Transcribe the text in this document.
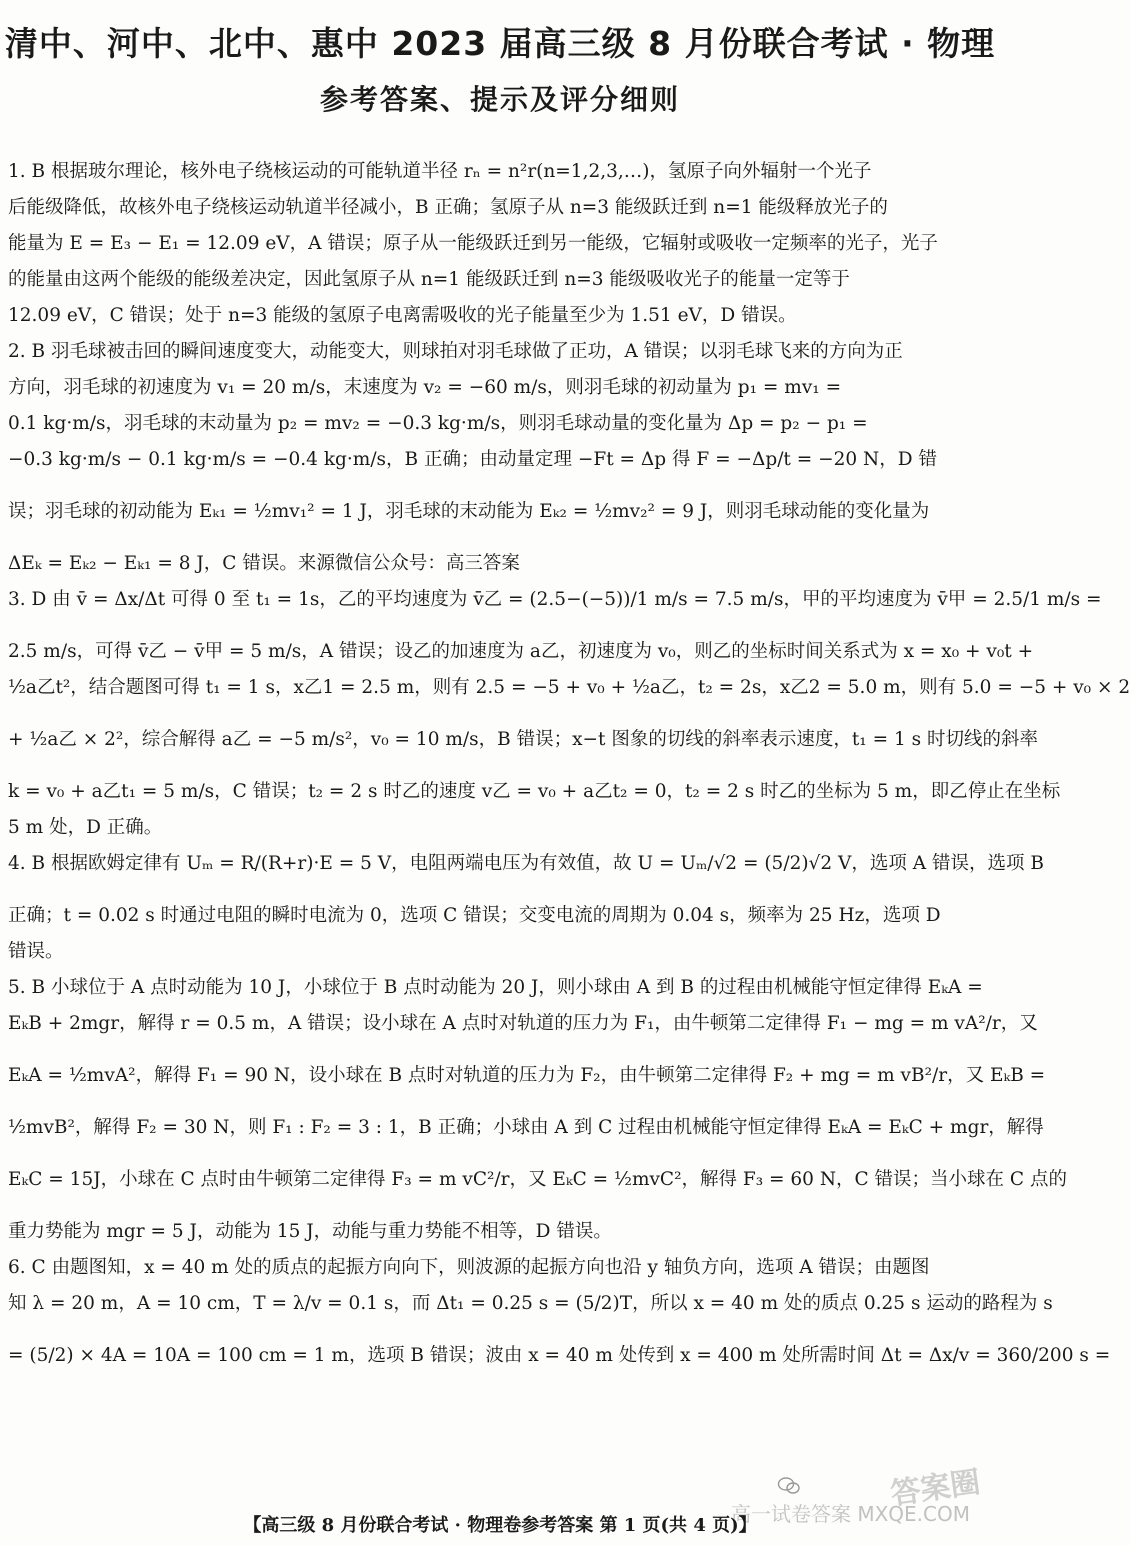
清中、河中、北中、惠中 2023 届高三级 8 月份联合考试 · 物理
参考答案、提示及评分细则
1. B 根据玻尔理论，核外电子绕核运动的可能轨道半径 rₙ = n²r(n=1,2,3,…)，氢原子向外辐射一个光子
后能级降低，故核外电子绕核运动轨道半径减小，B 正确；氢原子从 n=3 能级跃迁到 n=1 能级释放光子的
能量为 E = E₃ − E₁ = 12.09 eV，A 错误；原子从一能级跃迁到另一能级，它辐射或吸收一定频率的光子，光子
的能量由这两个能级的能级差决定，因此氢原子从 n=1 能级跃迁到 n=3 能级吸收光子的能量一定等于
12.09 eV，C 错误；处于 n=3 能级的氢原子电离需吸收的光子能量至少为 1.51 eV，D 错误。
2. B 羽毛球被击回的瞬间速度变大，动能变大，则球拍对羽毛球做了正功，A 错误；以羽毛球飞来的方向为正
方向，羽毛球的初速度为 v₁ = 20 m/s，末速度为 v₂ = −60 m/s，则羽毛球的初动量为 p₁ = mv₁ =
0.1 kg·m/s，羽毛球的末动量为 p₂ = mv₂ = −0.3 kg·m/s，则羽毛球动量的变化量为 Δp = p₂ − p₁ =
−0.3 kg·m/s − 0.1 kg·m/s = −0.4 kg·m/s，B 正确；由动量定理 −Ft = Δp 得 F = −Δp/t = −20 N，D 错
误；羽毛球的初动能为 Eₖ₁ = ½mv₁² = 1 J，羽毛球的末动能为 Eₖ₂ = ½mv₂² = 9 J，则羽毛球动能的变化量为
ΔEₖ = Eₖ₂ − Eₖ₁ = 8 J，C 错误。来源微信公众号：高三答案
3. D 由 v̄ = Δx/Δt 可得 0 至 t₁ = 1s，乙的平均速度为 v̄乙 = (2.5−(−5))/1 m/s = 7.5 m/s，甲的平均速度为 v̄甲 = 2.5/1 m/s =
2.5 m/s，可得 v̄乙 − v̄甲 = 5 m/s，A 错误；设乙的加速度为 a乙，初速度为 v₀，则乙的坐标时间关系式为 x = x₀ + v₀t +
½a乙t²，结合题图可得 t₁ = 1 s，x乙1 = 2.5 m，则有 2.5 = −5 + v₀ + ½a乙，t₂ = 2s，x乙2 = 5.0 m，则有 5.0 = −5 + v₀ × 2
+ ½a乙 × 2²，综合解得 a乙 = −5 m/s²，v₀ = 10 m/s，B 错误；x−t 图象的切线的斜率表示速度，t₁ = 1 s 时切线的斜率
k = v₀ + a乙t₁ = 5 m/s，C 错误；t₂ = 2 s 时乙的速度 v乙 = v₀ + a乙t₂ = 0，t₂ = 2 s 时乙的坐标为 5 m，即乙停止在坐标
5 m 处，D 正确。
4. B 根据欧姆定律有 Uₘ = R/(R+r)·E = 5 V，电阻两端电压为有效值，故 U = Uₘ/√2 = (5/2)√2 V，选项 A 错误，选项 B
正确；t = 0.02 s 时通过电阻的瞬时电流为 0，选项 C 错误；交变电流的周期为 0.04 s，频率为 25 Hz，选项 D
错误。
5. B 小球位于 A 点时动能为 10 J，小球位于 B 点时动能为 20 J，则小球由 A 到 B 的过程由机械能守恒定律得 EₖA =
EₖB + 2mgr，解得 r = 0.5 m，A 错误；设小球在 A 点时对轨道的压力为 F₁，由牛顿第二定律得 F₁ − mg = m vA²/r，又
EₖA = ½mvA²，解得 F₁ = 90 N，设小球在 B 点时对轨道的压力为 F₂，由牛顿第二定律得 F₂ + mg = m vB²/r，又 EₖB =
½mvB²，解得 F₂ = 30 N，则 F₁ : F₂ = 3 : 1，B 正确；小球由 A 到 C 过程由机械能守恒定律得 EₖA = EₖC + mgr，解得
EₖC = 15J，小球在 C 点时由牛顿第二定律得 F₃ = m vC²/r，又 EₖC = ½mvC²，解得 F₃ = 60 N，C 错误；当小球在 C 点的
重力势能为 mgr = 5 J，动能为 15 J，动能与重力势能不相等，D 错误。
6. C 由题图知，x = 40 m 处的质点的起振方向向下，则波源的起振方向也沿 y 轴负方向，选项 A 错误；由题图
知 λ = 20 m，A = 10 cm，T = λ/v = 0.1 s，而 Δt₁ = 0.25 s = (5/2)T，所以 x = 40 m 处的质点 0.25 s 运动的路程为 s
= (5/2) × 4A = 10A = 100 cm = 1 m，选项 B 错误；波由 x = 40 m 处传到 x = 400 m 处所需时间 Δt = Δx/v = 360/200 s =
答案圈
高一试卷答案 MXQE.COM
【高三级 8 月份联合考试 · 物理卷参考答案 第 1 页(共 4 页)】
